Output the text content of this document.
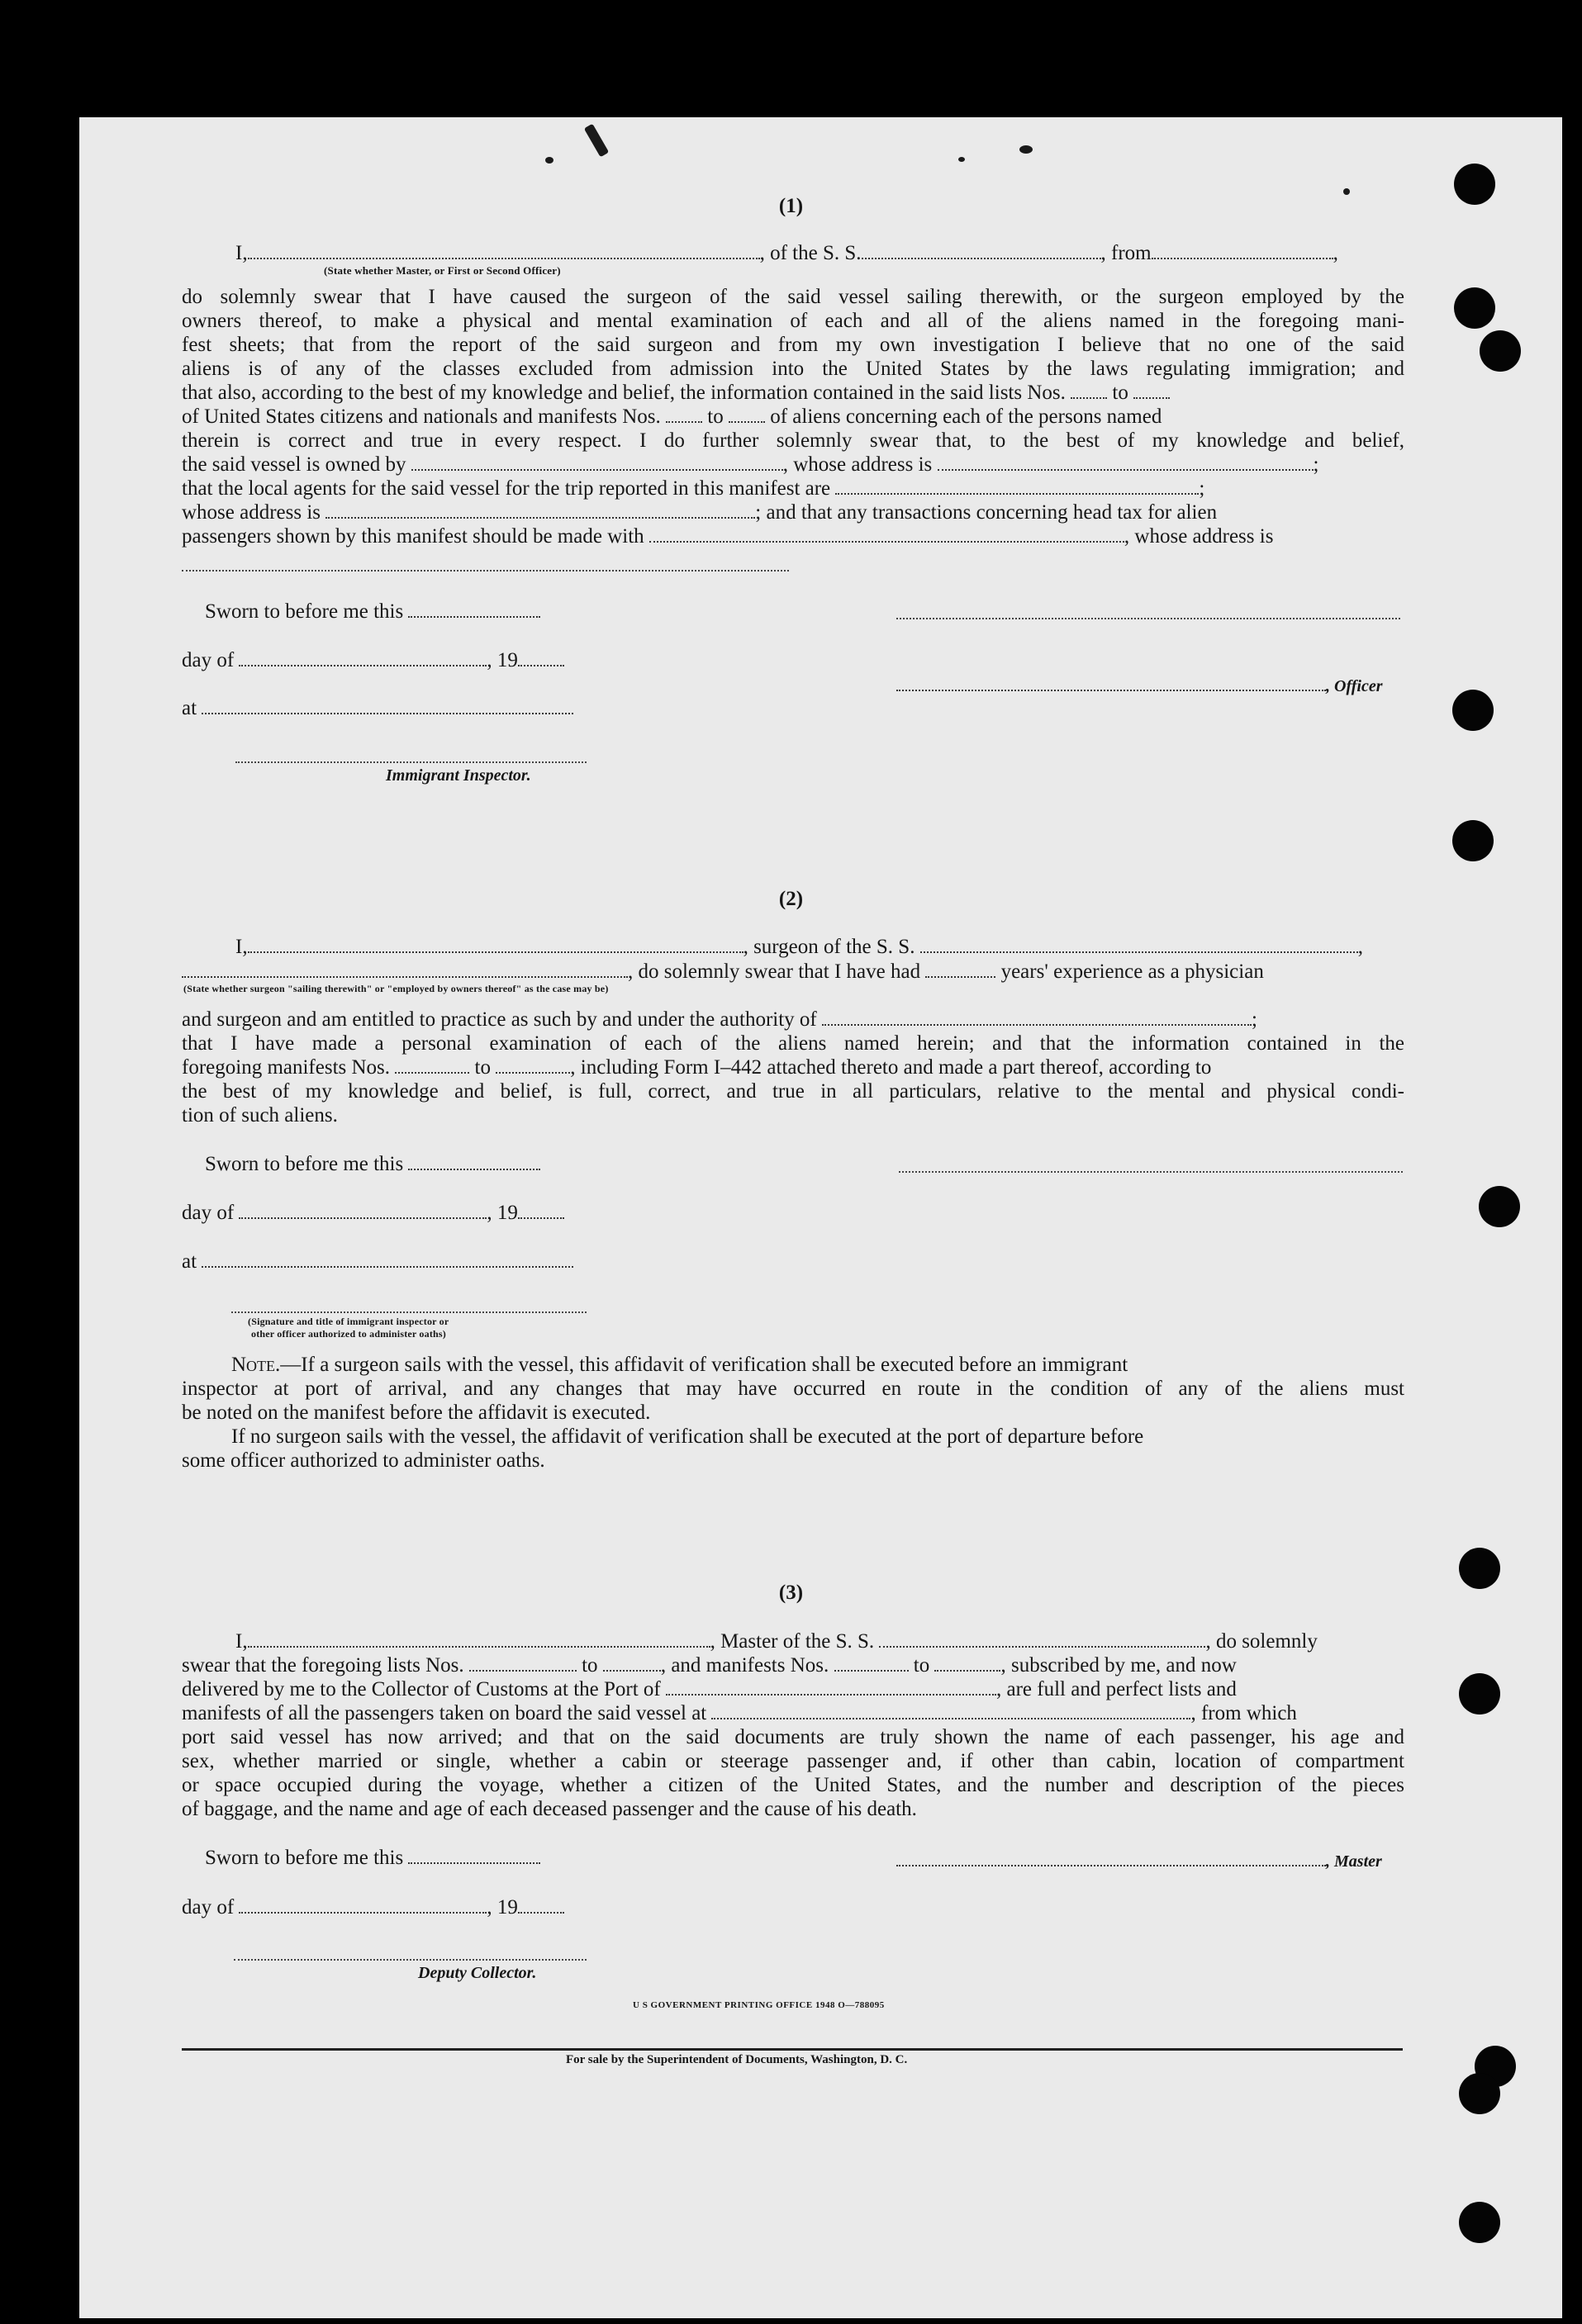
(1)
I,	, of the S. S.	, from	,
(State whether Master, or First or Second Officer)
do solemnly swear that I have caused the surgeon of the said vessel sailing therewith, or the surgeon employed by the
owners thereof, to make a physical and mental examination of each and all of the aliens named in the foregoing mani-
fest sheets; that from the report of the said surgeon and from my own investigation I believe that no one of the said
aliens is of any of the classes excluded from admission into the United States by the laws regulating immigration; and
that also, according to the best of my knowledge and belief, the information contained in the said lists Nos. to
of United States citizens and nationals and manifests Nos. to of aliens concerning each of the persons named
therein is correct and true in every respect. I do further solemnly swear that, to the best of my knowledge and belief,
the said vessel is owned by	, whose address is	;
that the local agents for the said vessel for the trip reported in this manifest are	;
whose address is	; and that any transactions concerning head tax for alien
passengers shown by this manifest should be made with	, whose address is
Sworn to before me this
day of	, 19
, Officer
at
Immigrant Inspector.
(2)
I,	, surgeon of the S. S.	,
, do solemnly swear that I have had	years' experience as a physician
(State whether surgeon "sailing therewith" or "employed by owners thereof" as the case may be)
and surgeon and am entitled to practice as such by and under the authority of	;
that I have made a personal examination of each of the aliens named herein; and that the information contained in the
foregoing manifests Nos.	to	, including Form I–442 attached thereto and made a part thereof, according to
the best of my knowledge and belief, is full, correct, and true in all particulars, relative to the mental and physical condi-
tion of such aliens.
Sworn to before me this
day of	, 19
at
(Signature and title of immigrant inspector or
other officer authorized to administer oaths)
Note.—If a surgeon sails with the vessel, this affidavit of verification shall be executed before an immigrant
inspector at port of arrival, and any changes that may have occurred en route in the condition of any of the aliens must
be noted on the manifest before the affidavit is executed.
If no surgeon sails with the vessel, the affidavit of verification shall be executed at the port of departure before
some officer authorized to administer oaths.
(3)
I,	, Master of the S. S.	, do solemnly
swear that the foregoing lists Nos.	to	, and manifests Nos.	to	, subscribed by me, and now
delivered by me to the Collector of Customs at the Port of	, are full and perfect lists and
manifests of all the passengers taken on board the said vessel at	, from which
port said vessel has now arrived; and that on the said documents are truly shown the name of each passenger, his age and
sex, whether married or single, whether a cabin or steerage passenger and, if other than cabin, location of compartment
or space occupied during the voyage, whether a citizen of the United States, and the number and description of the pieces
of baggage, and the name and age of each deceased passenger and the cause of his death.
Sworn to before me this	, Master
day of	, 19
Deputy Collector.
U S GOVERNMENT PRINTING OFFICE 1948 O—788095
For sale by the Superintendent of Documents, Washington, D. C.
